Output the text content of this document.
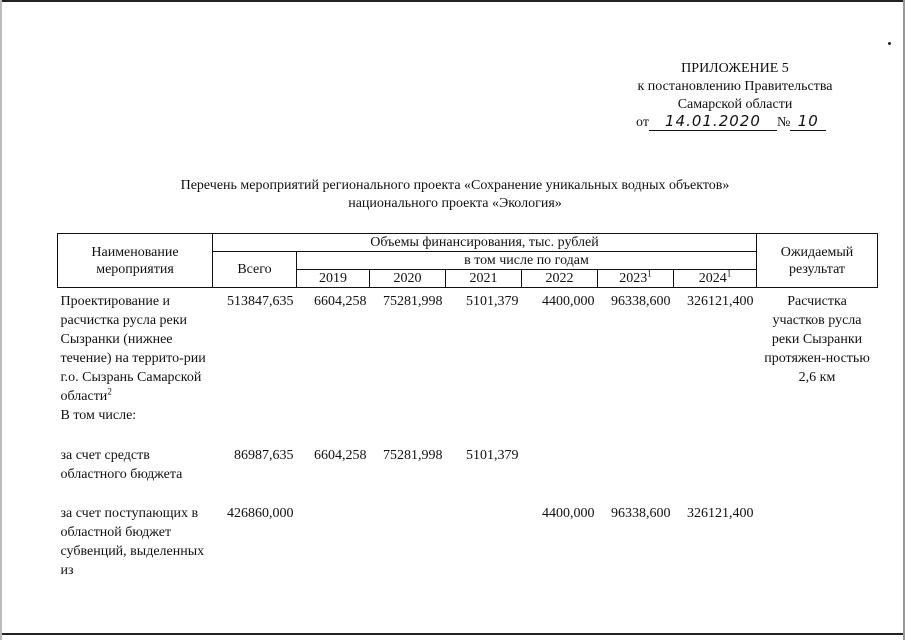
ПРИЛОЖЕНИЕ 5
к постановлению Правительства
Самарской области
от 14.01.2020 № 10
Перечень мероприятий регионального проекта «Сохранение уникальных водных объектов»
национального проекта «Экология»
Наименование мероприятия	Объемы финансирования, тыс. рублей							Ожидаемый результат
	Всего	в том числе по годам						
		2019	2020	2021	2022	2023$^1$	2024$^1$
Проектирование и расчистка русла реки Сызранки (нижнее течение) на террито-рии г.о. Сызрань Самарской области$^2$	513847,635	6604,258	75281,998	5101,379	4400,000	96338,600	326121,400	Расчистка участков русла реки Сызранки протяжен-ностью 2,6 км
В том числе:								
за счет средств областного бюджета	86987,635	6604,258	75281,998	5101,379				
за счет поступающих в областной бюджет субвенций, выделенных из	426860,000				4400,000	96338,600	326121,400	
